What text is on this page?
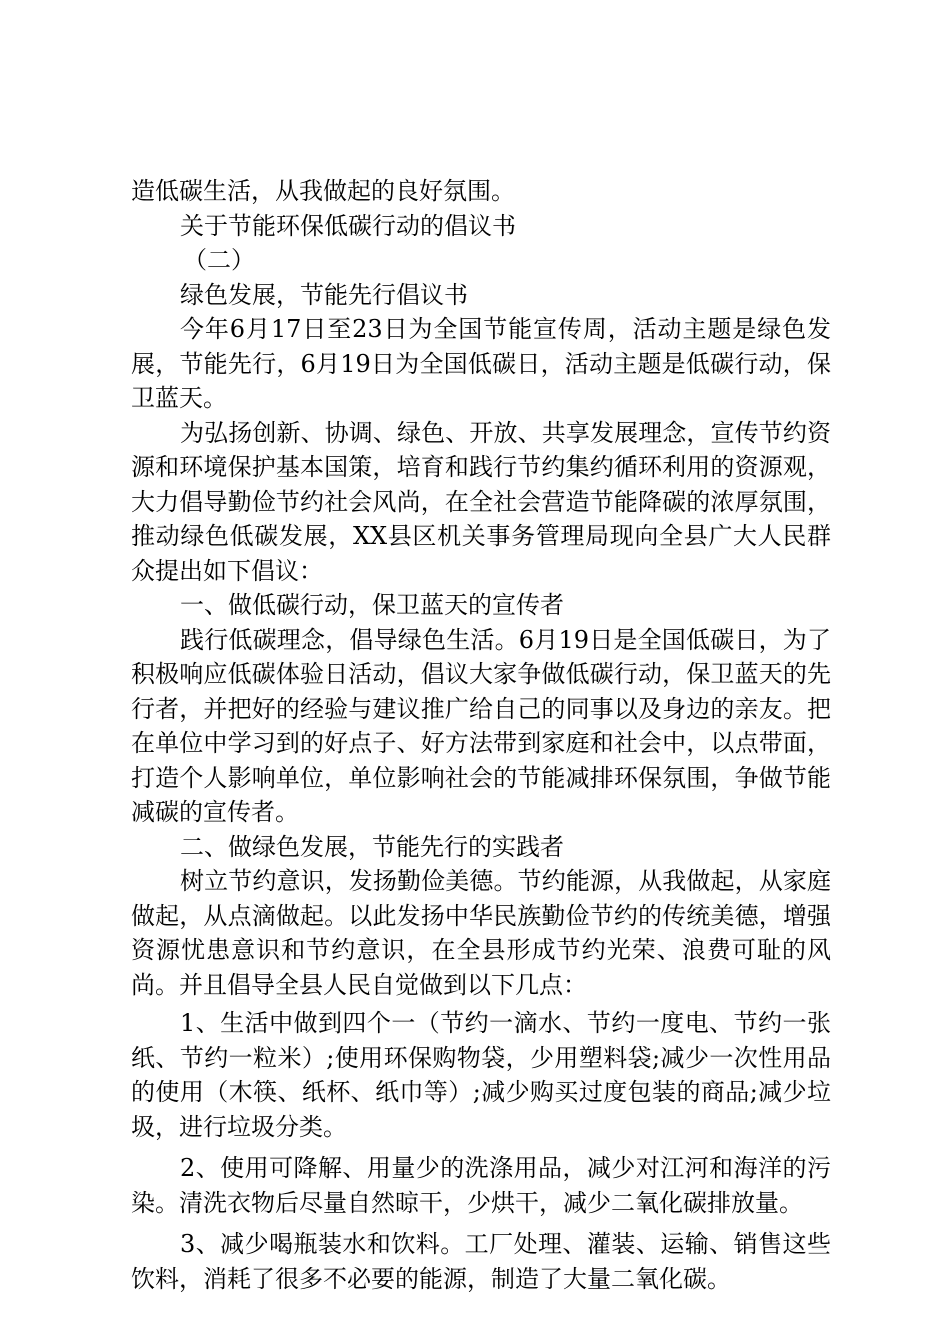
造低碳生活，从我做起的良好氛围。

关于节能环保低碳行动的倡议书

（二）

绿色发展，节能先行倡议书

今年6月17日至23日为全国节能宣传周，活动主题是绿色发展，节能先行，6月19日为全国低碳日，活动主题是低碳行动，保卫蓝天。

为弘扬创新、协调、绿色、开放、共享发展理念，宣传节约资源和环境保护基本国策，培育和践行节约集约循环利用的资源观，大力倡导勤俭节约社会风尚，在全社会营造节能降碳的浓厚氛围，推动绿色低碳发展，XX县区机关事务管理局现向全县广大人民群众提出如下倡议：

一、做低碳行动，保卫蓝天的宣传者

践行低碳理念，倡导绿色生活。6月19日是全国低碳日，为了积极响应低碳体验日活动，倡议大家争做低碳行动，保卫蓝天的先行者，并把好的经验与建议推广给自己的同事以及身边的亲友。把在单位中学习到的好点子、好方法带到家庭和社会中，以点带面，打造个人影响单位，单位影响社会的节能减排环保氛围，争做节能减碳的宣传者。

二、做绿色发展，节能先行的实践者

树立节约意识，发扬勤俭美德。节约能源，从我做起，从家庭做起，从点滴做起。以此发扬中华民族勤俭节约的传统美德，增强资源忧患意识和节约意识，在全县形成节约光荣、浪费可耻的风尚。并且倡导全县人民自觉做到以下几点：

1、生活中做到四个一（节约一滴水、节约一度电、节约一张纸、节约一粒米）;使用环保购物袋，少用塑料袋;减少一次性用品的使用（木筷、纸杯、纸巾等）;减少购买过度包装的商品;减少垃圾，进行垃圾分类。

2、使用可降解、用量少的洗涤用品，减少对江河和海洋的污染。清洗衣物后尽量自然晾干，少烘干，减少二氧化碳排放量。

3、减少喝瓶装水和饮料。工厂处理、灌装、运输、销售这些饮料，消耗了很多不必要的能源，制造了大量二氧化碳。
